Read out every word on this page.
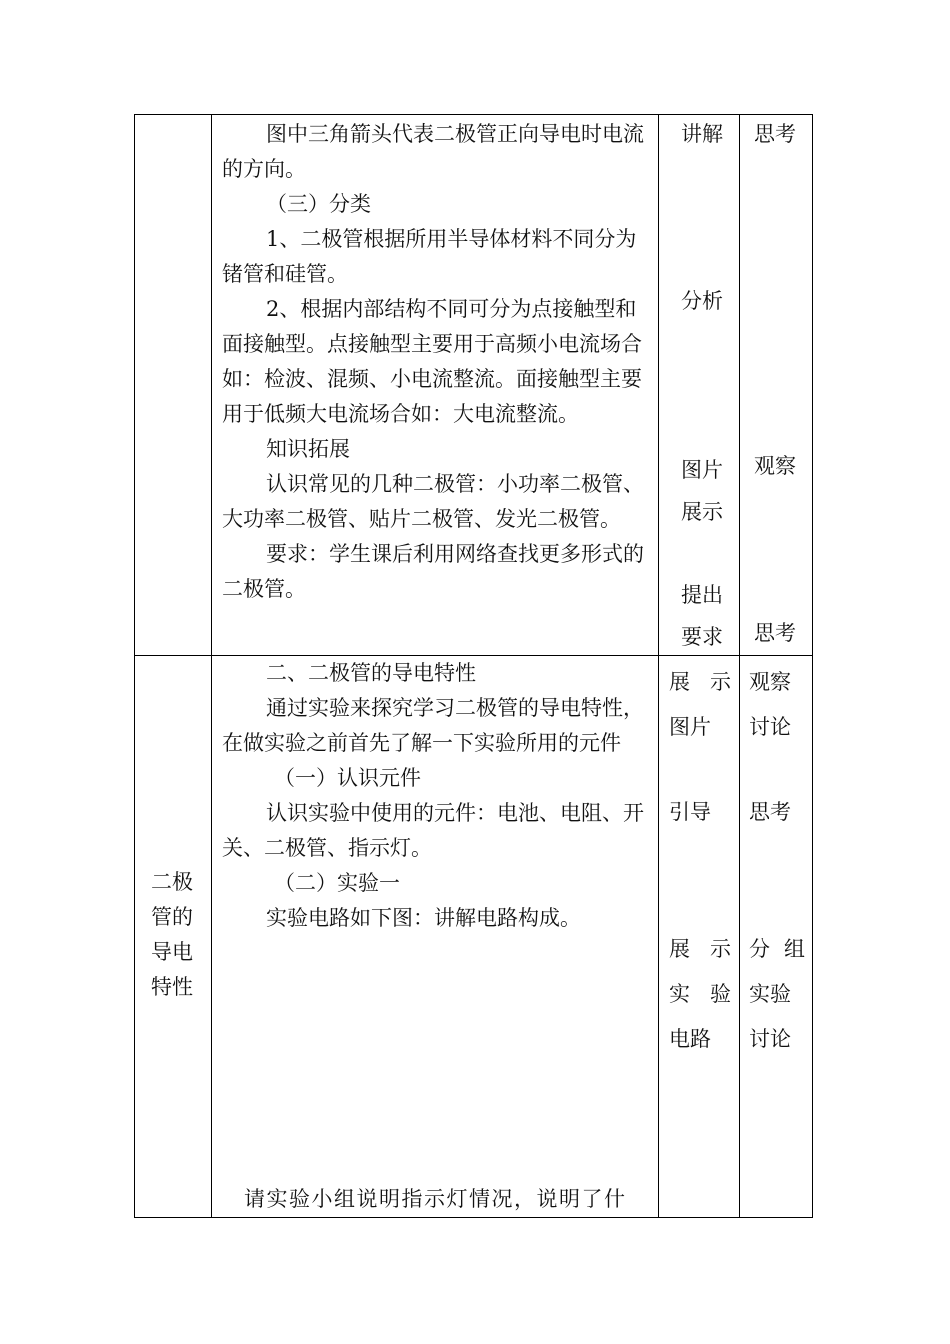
图中三角箭头代表二极管正向导电时电流的方向。

（三）分类

1、二极管根据所用半导体材料不同分为锗管和硅管。

2、根据内部结构不同可分为点接触型和面接触型。点接触型主要用于高频小电流场合如：检波、混频、小电流整流。面接触型主要用于低频大电流场合如：大电流整流。

知识拓展

认识常见的几种二极管：小功率二极管、大功率二极管、贴片二极管、发光二极管。

要求：学生课后利用网络查找更多形式的二极管。

讲解
分析
图片
展示
提出
要求
思考
观察
思考
二极
管的
导电
特性

二、二极管的导电特性

通过实验来探究学习二极管的导电特性，在做实验之前首先了解一下实验所用的元件

（一）认识元件

认识实验中使用的元件：电池、电阻、开关、二极管、指示灯。

（二）实验一

实验电路如下图：讲解电路构成。

请实验小组说明指示灯情况，说明了什
展 示
图片
引导
展 示
实 验
电路
观察
讨论
思考
分 组
实验
讨论
